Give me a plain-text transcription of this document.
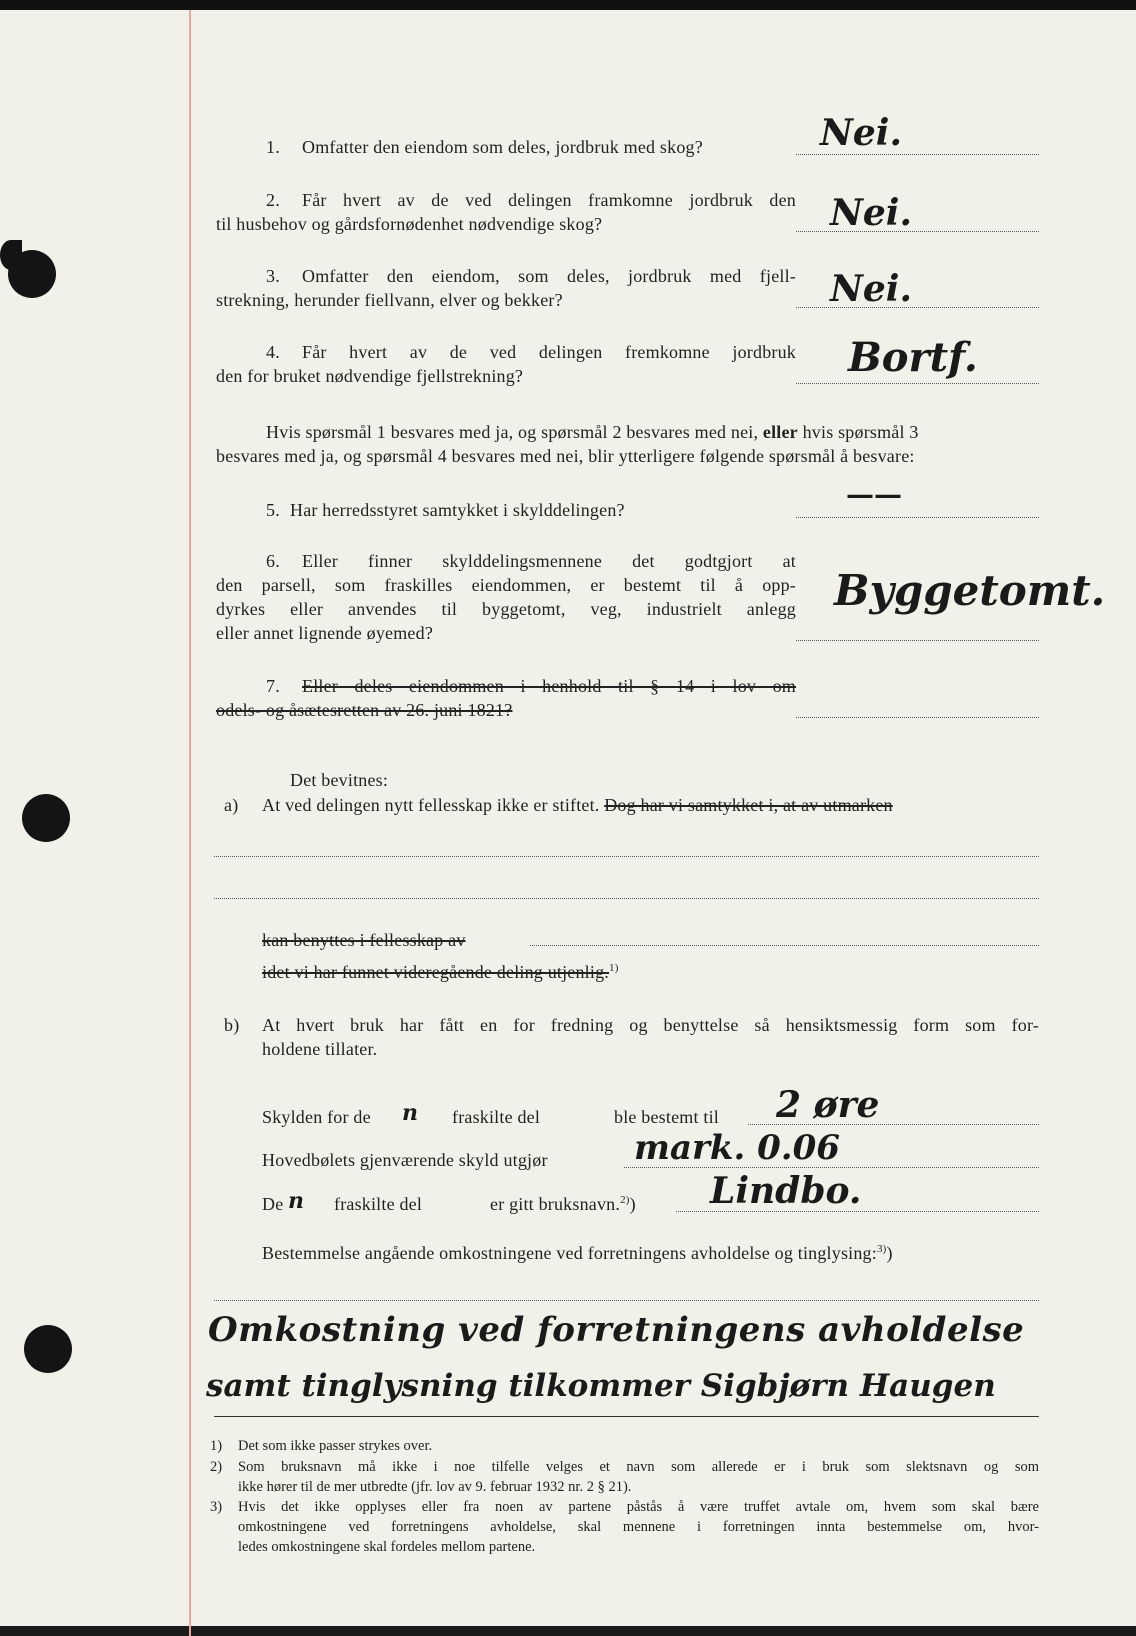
1. Omfatter den eiendom som deles, jordbruk med skog?	Nei.
2. Får hvert av de ved delingen framkomne jordbruk den
til husbehov og gårdsfornødenhet nødvendige skog?	Nei.
3. Omfatter den eiendom, som deles, jordbruk med fjell-
strekning, herunder fiellvann, elver og bekker?	Nei.
4. Får hvert av de ved delingen fremkomne jordbruk
den for bruket nødvendige fjellstrekning?	Bortf.
Hvis spørsmål 1 besvares med ja, og spørsmål 2 besvares med nei, eller hvis spørsmål 3
besvares med ja, og spørsmål 4 besvares med nei, blir ytterligere følgende spørsmål å besvare:
5. Har herredsstyret samtykket i skylddelingen?	——
6. Eller finner skylddelingsmennene det godtgjort at
den parsell, som fraskilles eiendommen, er bestemt til å opp-
dyrkes eller anvendes til byggetomt, veg, industrielt anlegg
eller annet lignende øyemed?
Byggetomt.
7. Eller deles eiendommen i henhold til § 14 i lov om
odels- og åsætesretten av 26. juni 1821?
Det bevitnes:
a) At ved delingen nytt fellesskap ikke er stiftet. Dog har vi samtykket i, at av utmarken
kan benyttes i fellesskap av
idet vi har funnet videregående deling utjenlig.$^{1)}$
b) At hvert bruk har fått en for fredning og benyttelse så hensiktsmessig form som for-
holdene tillater.
Skylden for de n fraskilte del	ble bestemt til 2 øre
Hovedbølets gjenværende skyld utgjør	mark. 0.06
De n fraskilte del	er gitt bruksnavn.$^{2)}$) Lindbo.
Bestemmelse angående omkostningene ved forretningens avholdelse og tinglysing:$^{3)}$)
Omkostning ved forretningens avholdelse
samt tinglysning tilkommer Sigbjørn Haugen
1) Det som ikke passer strykes over.
2) Som bruksnavn må ikke i noe tilfelle velges et navn som allerede er i bruk som slektsnavn og som
ikke hører til de mer utbredte (jfr. lov av 9. februar 1932 nr. 2 § 21).
3) Hvis det ikke opplyses eller fra noen av partene påstås å være truffet avtale om, hvem som skal bære
omkostningene ved forretningens avholdelse, skal mennene i forretningen innta bestemmelse om, hvor-
ledes omkostningene skal fordeles mellom partene.
